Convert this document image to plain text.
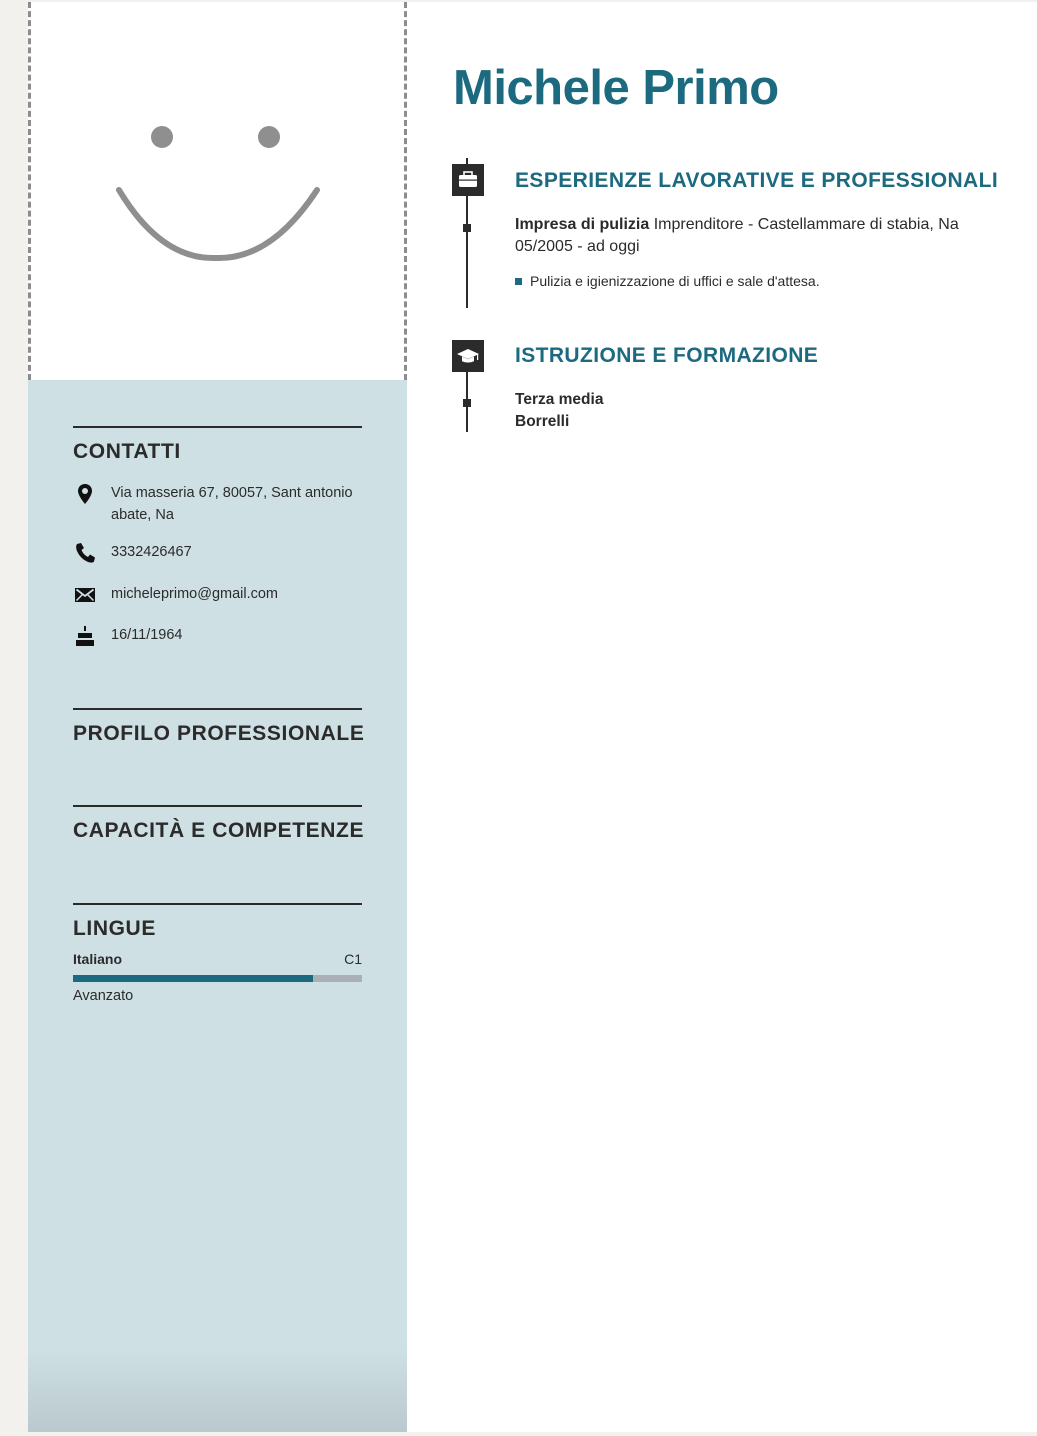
CONTATTI
Via masseria 67, 80057, Sant antonio abate, Na
3332426467
micheleprimo@gmail.com
16/11/1964
PROFILO PROFESSIONALE
CAPACITÀ E COMPETENZE
LINGUE
Italiano	C1
Avanzato
Michele Primo
ESPERIENZE LAVORATIVE E PROFESSIONALI
Impresa di pulizia Imprenditore - Castellammare di stabia, Na
05/2005 - ad oggi
Pulizia e igienizzazione di uffici e sale d'attesa.
ISTRUZIONE E FORMAZIONE
Terza media
Borrelli
